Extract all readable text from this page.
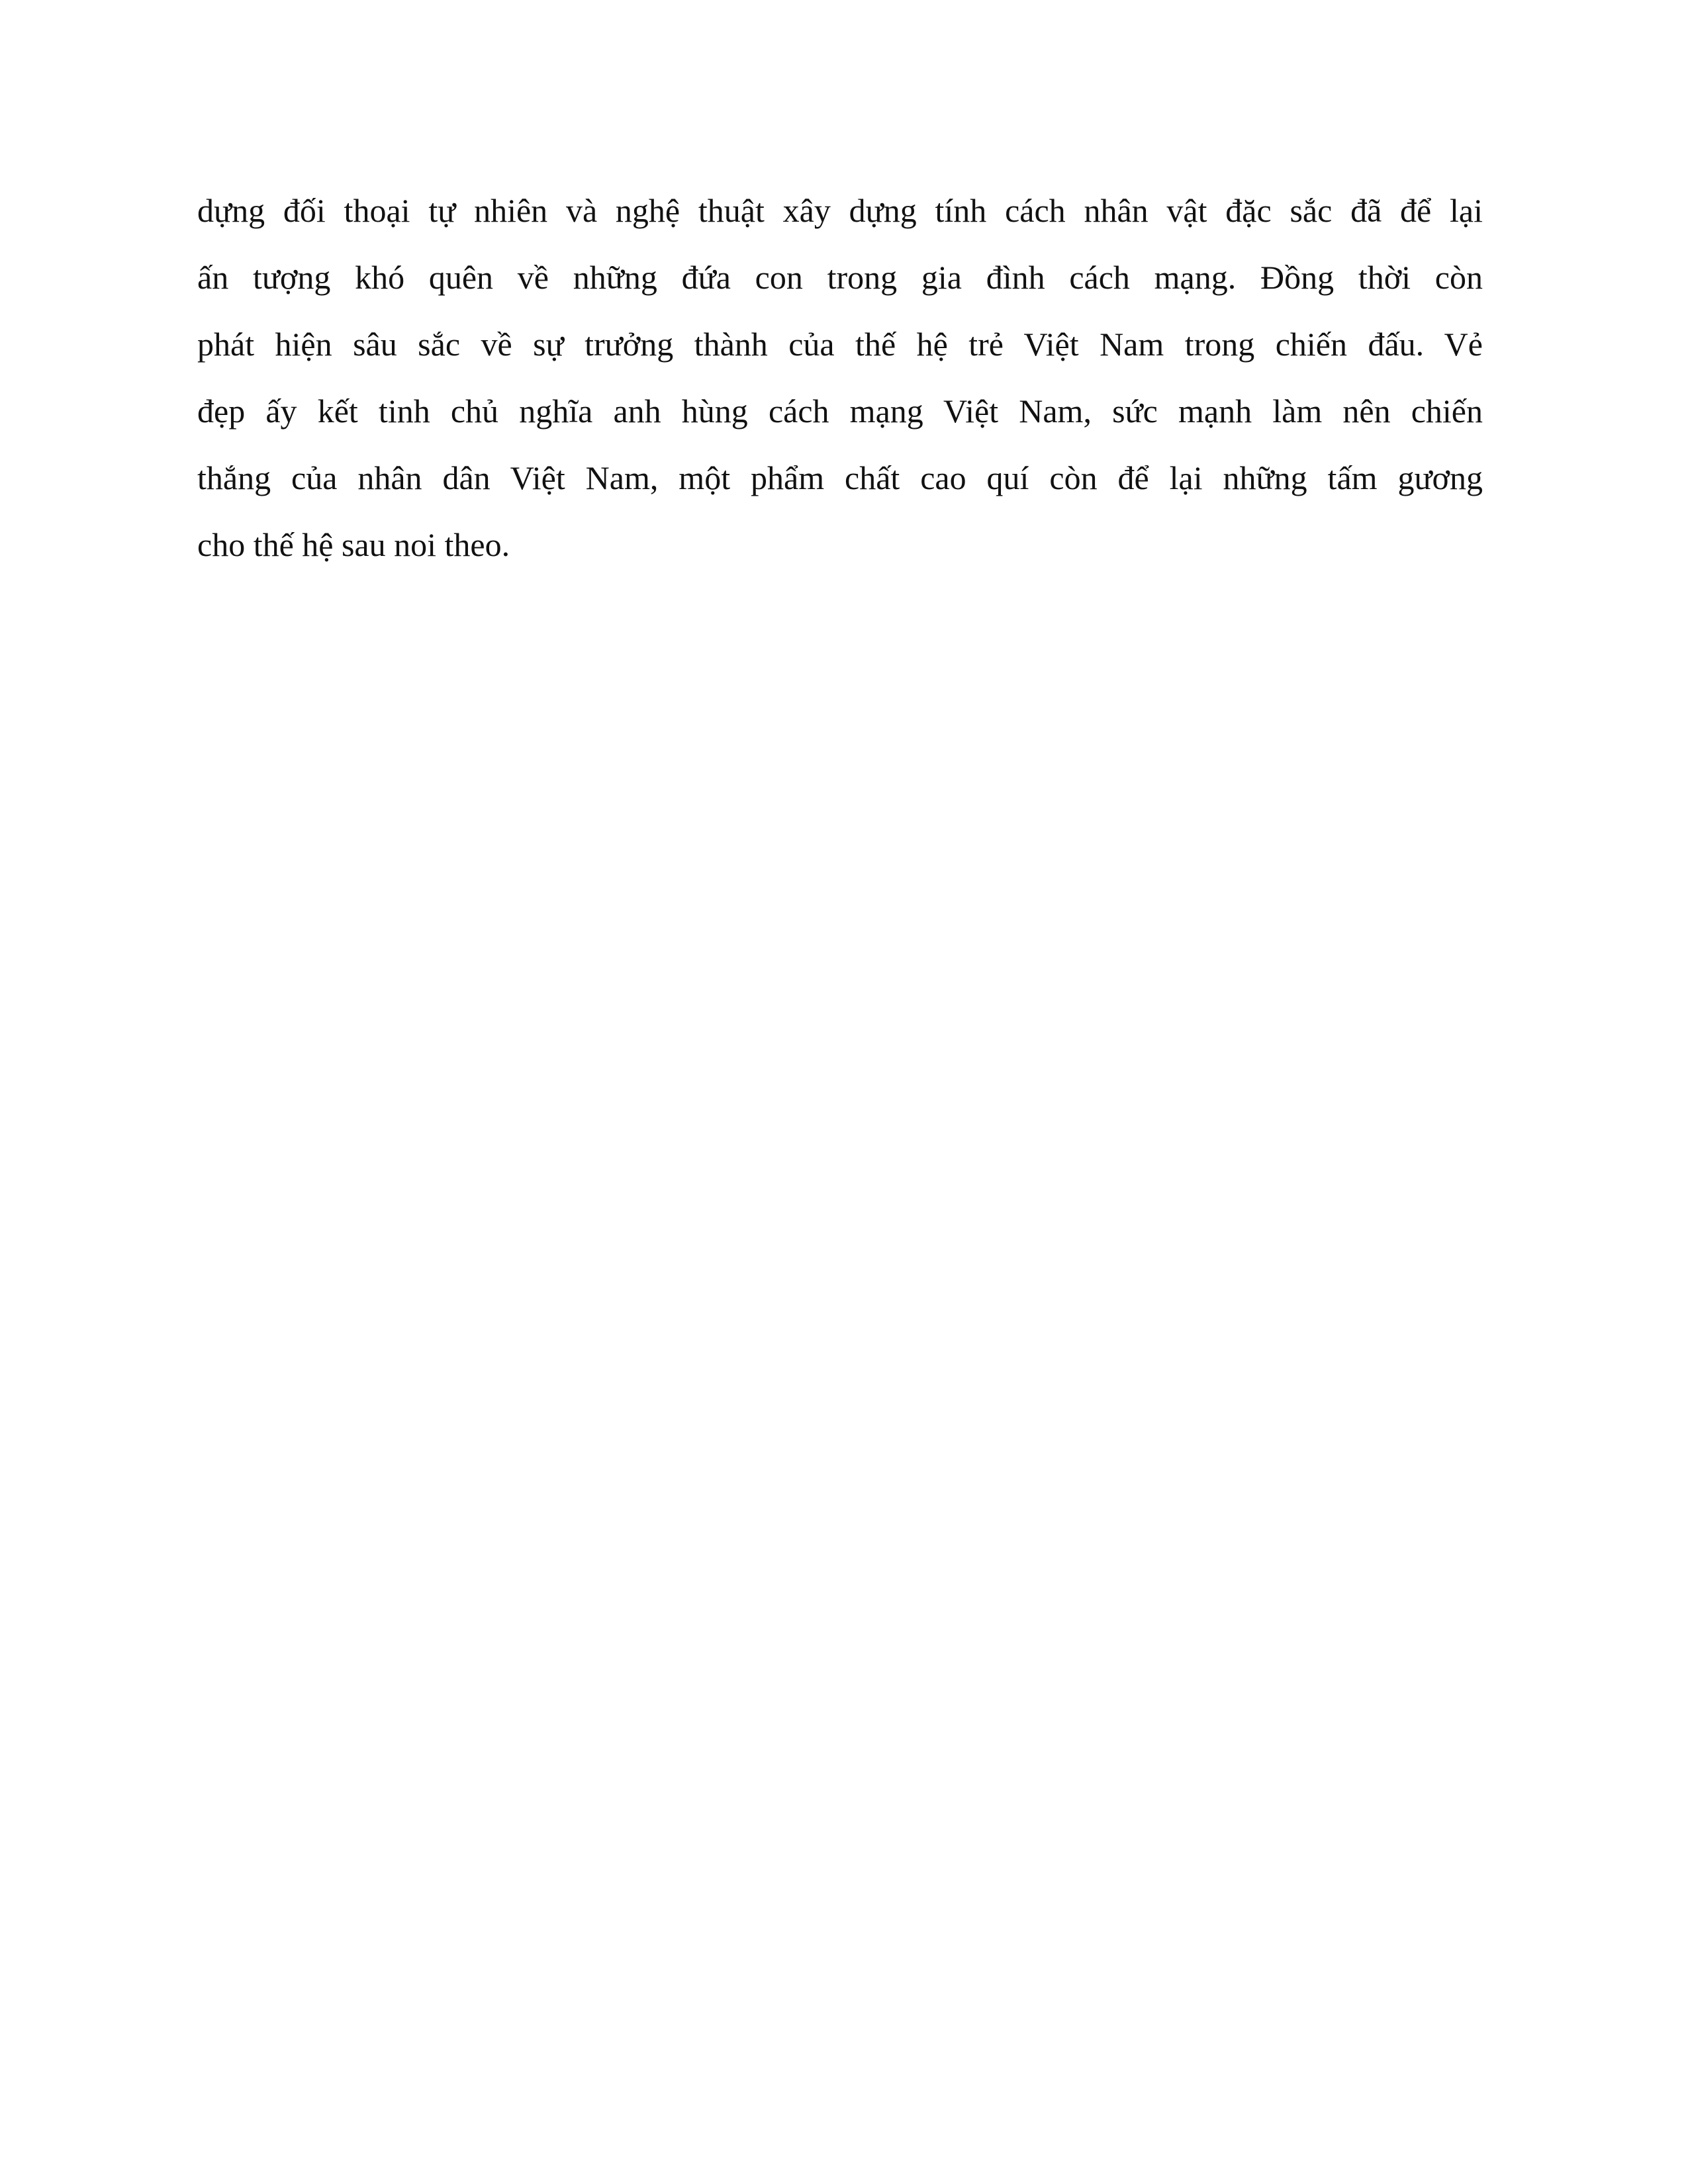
dựng đối thoại tự nhiên và nghệ thuật xây dựng tính cách nhân vật đặc sắc đã để lại
ấn tượng khó quên về những đứa con trong gia đình cách mạng. Đồng thời còn
phát hiện sâu sắc về sự trưởng thành của thế hệ trẻ Việt Nam trong chiến đấu. Vẻ
đẹp ấy kết tinh chủ nghĩa anh hùng cách mạng Việt Nam, sức mạnh làm nên chiến
thắng của nhân dân Việt Nam, một phẩm chất cao quí còn để lại những tấm gương
cho thế hệ sau noi theo.
